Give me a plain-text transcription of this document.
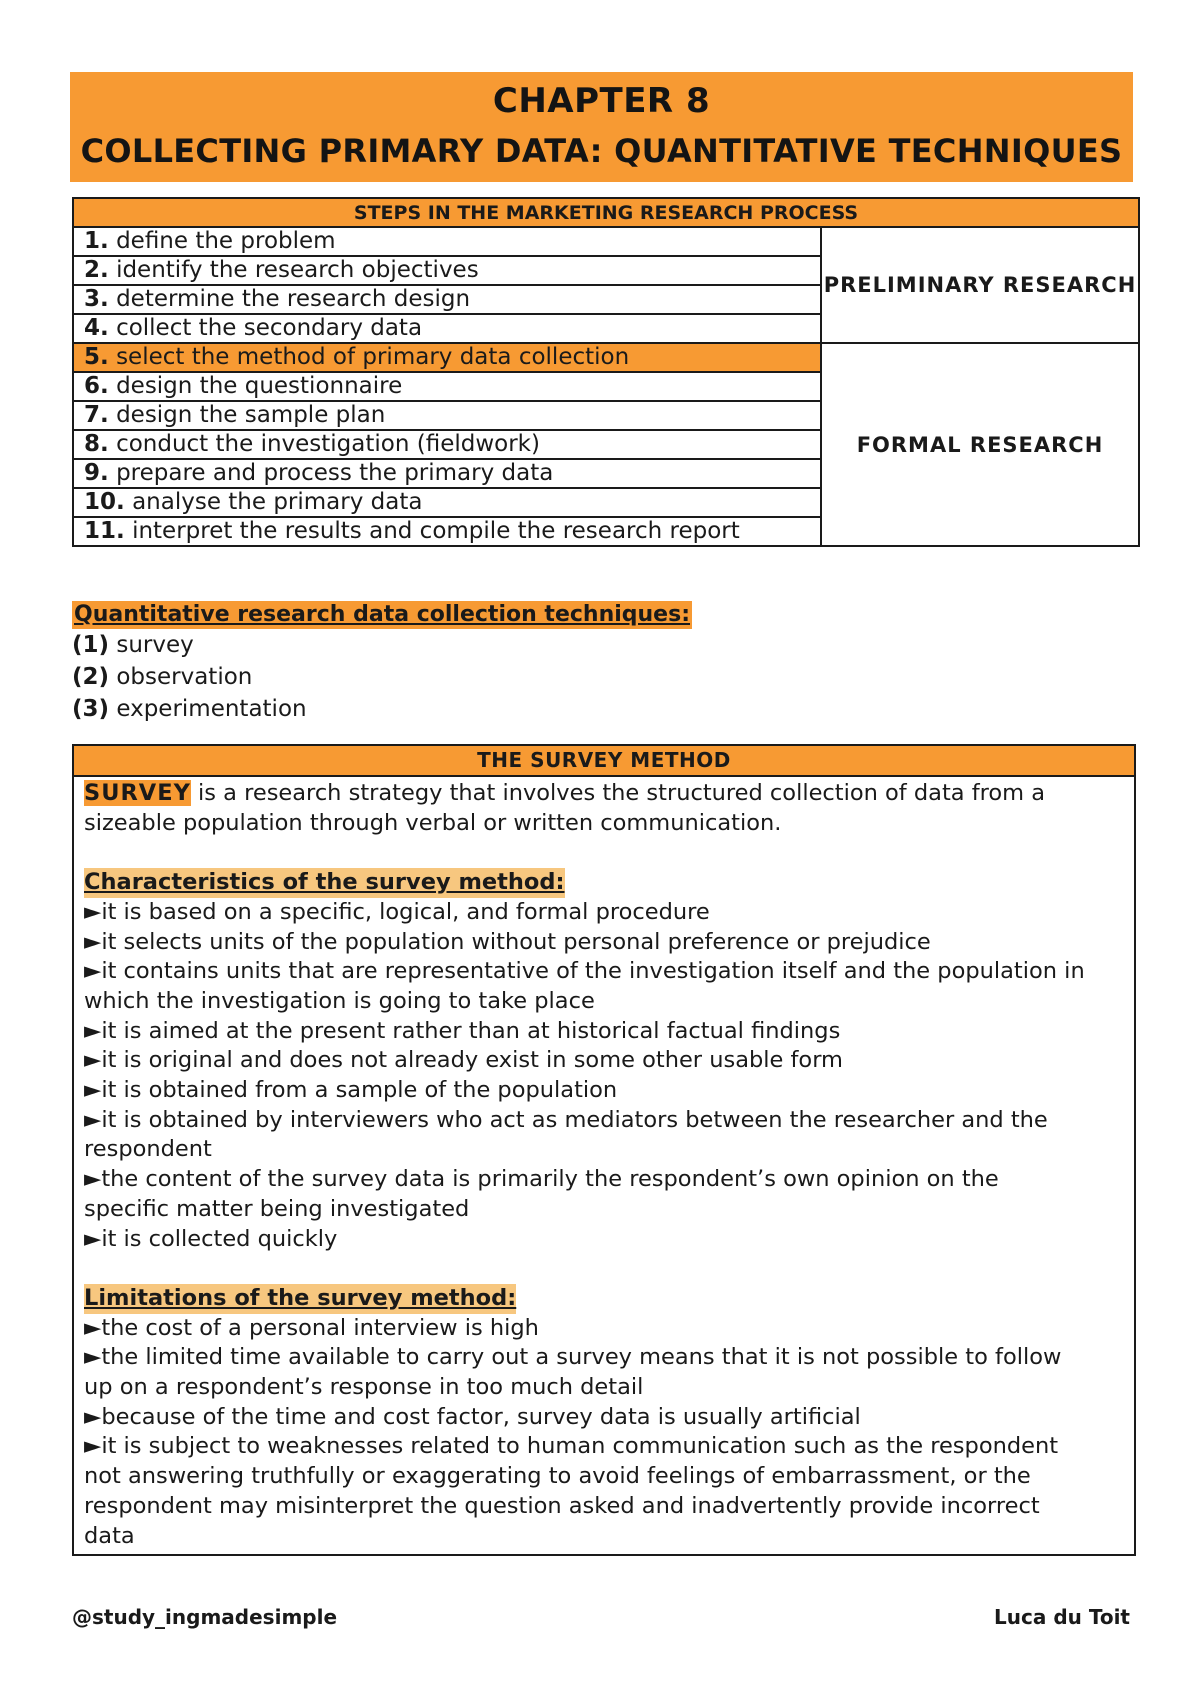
CHAPTER 8
COLLECTING PRIMARY DATA: QUANTITATIVE TECHNIQUES
STEPS IN THE MARKETING RESEARCH PROCESS	
1. define the problem	PRELIMINARY RESEARCH
2. identify the research objectives	
3. determine the research design	
4. collect the secondary data	
5. select the method of primary data collection	FORMAL RESEARCH
6. design the questionnaire	
7. design the sample plan	
8. conduct the investigation (fieldwork)	
9. prepare and process the primary data	
10. analyse the primary data	
11. interpret the results and compile the research report	
Quantitative research data collection techniques:
(1) survey
(2) observation
(3) experimentation
THE SURVEY METHOD
SURVEY is a research strategy that involves the structured collection of data from a
sizeable population through verbal or written communication.
Characteristics of the survey method:
► it is based on a specific, logical, and formal procedure
► it selects units of the population without personal preference or prejudice
► it contains units that are representative of the investigation itself and the population in
which the investigation is going to take place
► it is aimed at the present rather than at historical factual findings
► it is original and does not already exist in some other usable form
► it is obtained from a sample of the population
► it is obtained by interviewers who act as mediators between the researcher and the
respondent
► the content of the survey data is primarily the respondent’s own opinion on the
specific matter being investigated
► it is collected quickly
Limitations of the survey method:
► the cost of a personal interview is high
► the limited time available to carry out a survey means that it is not possible to follow
up on a respondent’s response in too much detail
► because of the time and cost factor, survey data is usually artificial
► it is subject to weaknesses related to human communication such as the respondent
not answering truthfully or exaggerating to avoid feelings of embarrassment, or the
respondent may misinterpret the question asked and inadvertently provide incorrect
data
@study_ingmadesimple	Luca du Toit
